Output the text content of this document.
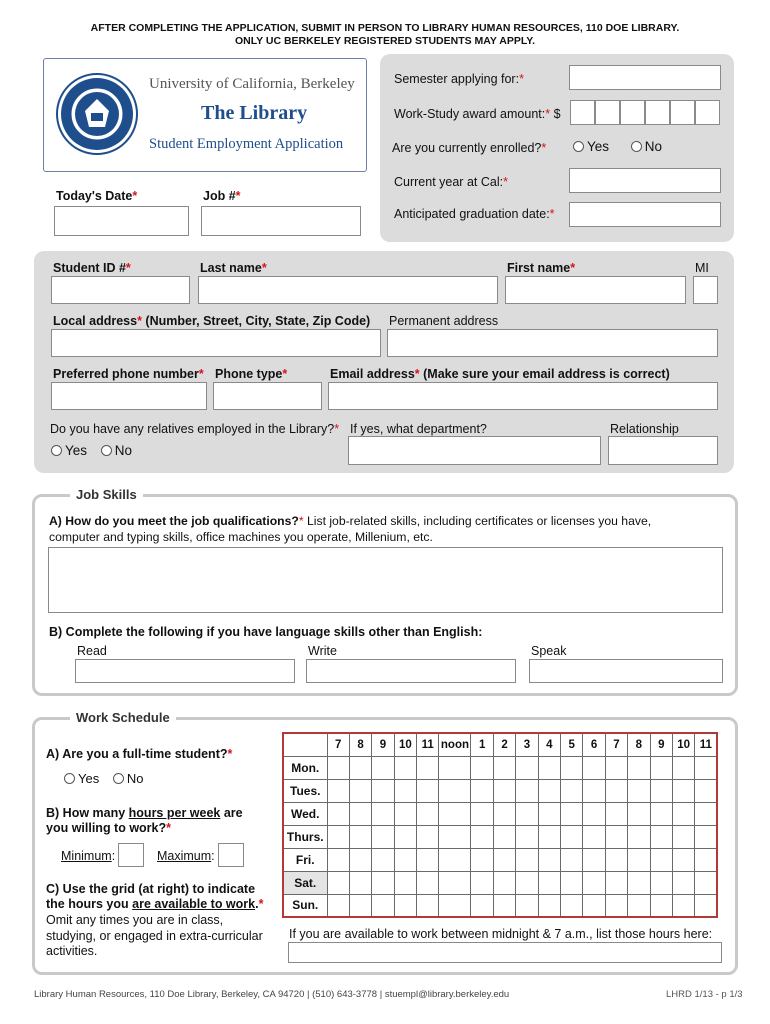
AFTER COMPLETING THE APPLICATION, SUBMIT IN PERSON TO LIBRARY HUMAN RESOURCES, 110 DOE LIBRARY.
ONLY UC BERKELEY REGISTERED STUDENTS MAY APPLY.
University of California, Berkeley
The Library
Student Employment Application
Today's Date*	Job #*
Semester applying for:*
Work-Study award amount:* $
Are you currently enrolled?*	Yes	No
Current year at Cal:*
Anticipated graduation date:*
Student ID #*	Last name*	First name*	MI
Local address* (Number, Street, City, State, Zip Code) Permanent address
Preferred phone number* Phone type*	Email address* (Make sure your email address is correct)
Do you have any relatives employed in the Library?*
Yes No
If yes, what department?	Relationship
Job Skills
A) How do you meet the job qualifications?* List job-related skills, including certificates or licenses you have,
computer and typing skills, office machines you operate, Millenium, etc.
B) Complete the following if you have language skills other than English:
Read	Write	Speak
Work Schedule
A) Are you a full-time student?*
Yes No
B) How many hours per week are
you willing to work?*
Minimum:	Maximum:
C) Use the grid (at right) to indicate
the hours you are available to work.*
Omit any times you are in class,
studying, or engaged in extra-curricular
activities.
	7	8	9	10	11	noon	1	2	3	4	5	6	7	8	9	10	11
Mon.																	
Tues.																	
Wed.																	
Thurs.																	
Fri.																	
Sat.																	
Sun.																	
If you are available to work between midnight & 7 a.m., list those hours here:
Library Human Resources, 110 Doe Library, Berkeley, CA 94720 | (510) 643-3778 | stuempl@library.berkeley.edu	LHRD 1/13 - p 1/3
